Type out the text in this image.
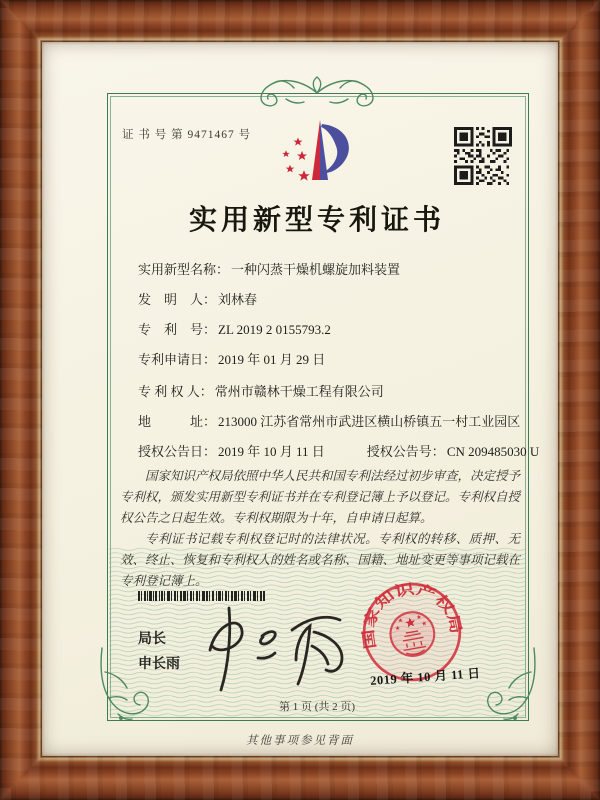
证 书 号 第 9471467 号
实用新型专利证书
实用新型名称： 一种闪蒸干燥机螺旋加料装置
发　明　人： 刘林春
专　利　号： ZL 2019 2 0155793.2
专利申请日： 2019 年 01 月 29 日
专 利 权 人： 常州市赣林干燥工程有限公司
地　　　址： 213000 江苏省常州市武进区横山桥镇五一村工业园区
授权公告日： 2019 年 10 月 11 日	授权公告号： CN 209485030 U

国家知识产权局依照中华人民共和国专利法经过初步审查，决定授予专利权，颁发实用新型专利证书并在专利登记簿上予以登记。专利权自授权公告之日起生效。专利权期限为十年，自申请日起算。

专利证书记载专利权登记时的法律状况。专利权的转移、质押、无效、终止、恢复和专利权人的姓名或名称、国籍、地址变更等事项记载在专利登记簿上。

局长
申长雨
国家知识产权局
2019 年 10 月 11 日
第 1 页 (共 2 页)
其他事项参见背面
